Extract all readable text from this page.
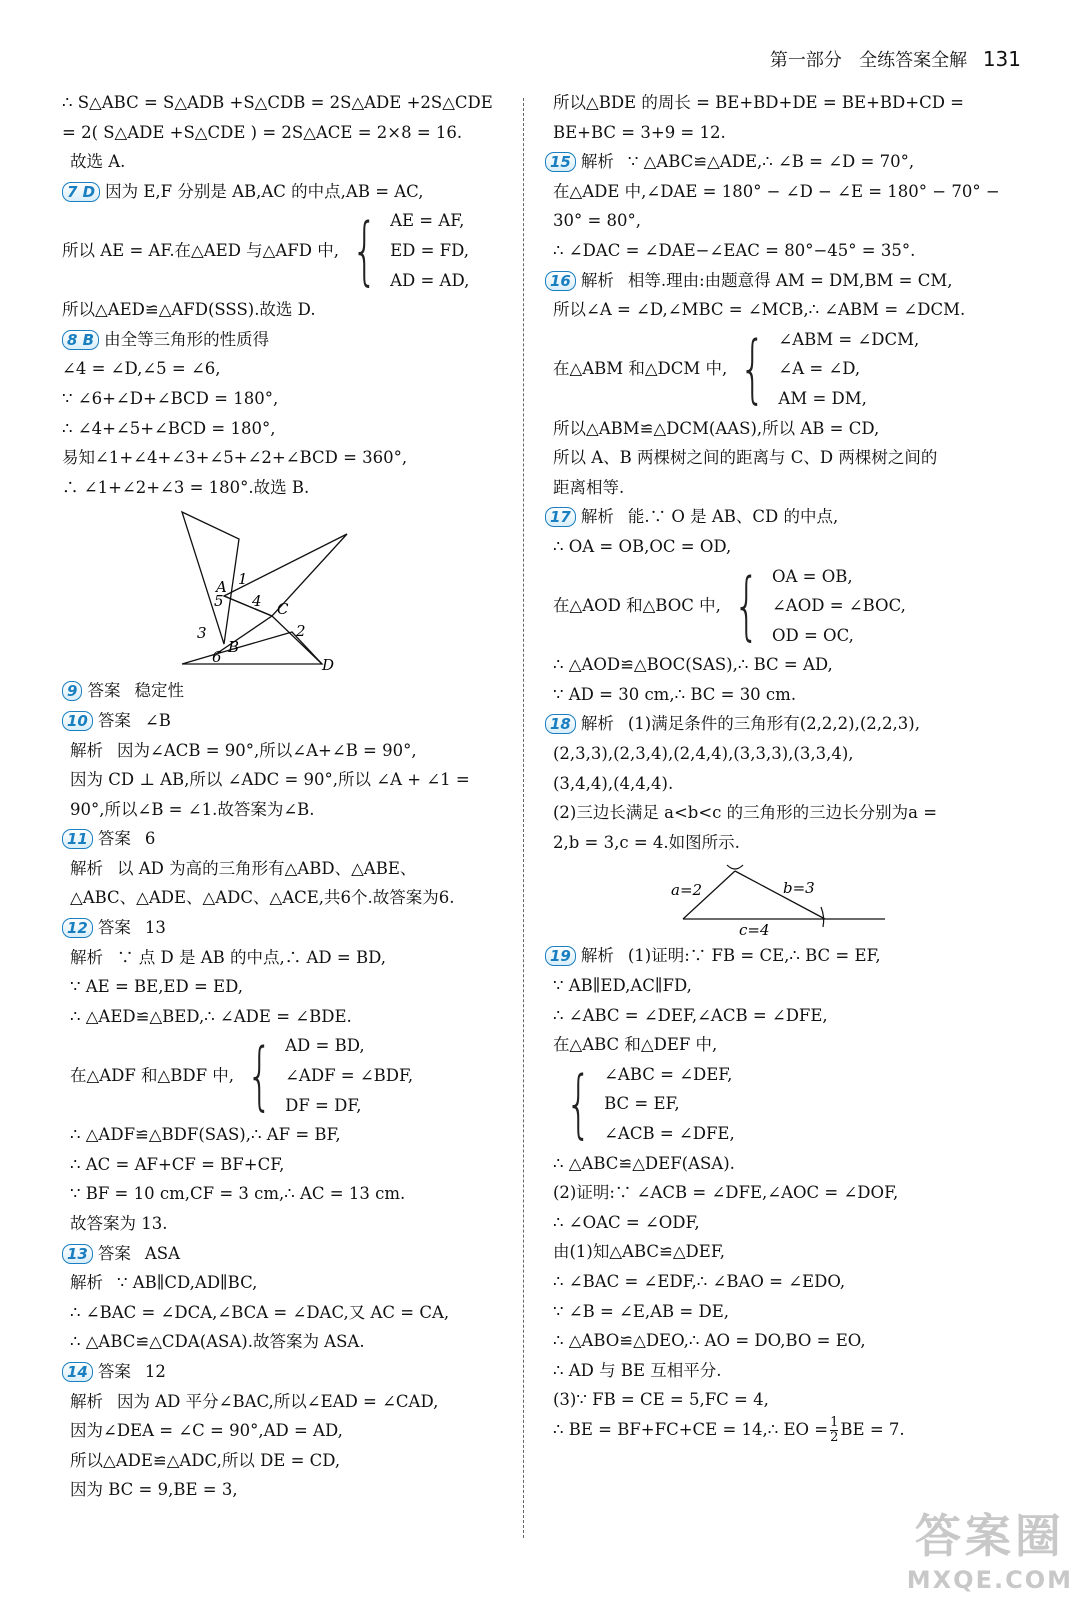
第一部分 全练答案全解 131
∴ S△ABC = S△ADB +S△CDB = 2S△ADE +2S△CDE
= 2( S△ADE +S△CDE ) = 2S△ACE = 2×8 = 16.
故选 A.
7 D 因为 E,F 分别是 AB,AC 的中点,AB = AC,
所以 AE = AF.在△AED 与△AFD 中, { AE = AF,
ED = FD,
AD = AD,
所以△AED≌△AFD(SSS).故选 D.
8 B 由全等三角形的性质得
∠4 = ∠D,∠5 = ∠6,
∵ ∠6+∠D+∠BCD = 180°,
∴ ∠4+∠5+∠BCD = 180°,
易知∠1+∠4+∠3+∠5+∠2+∠BCD = 360°,
∴ ∠1+∠2+∠3 = 180°.故选 B.
A 1
5 4 C
2
3
6
B
D
9 答案 稳定性
10 答案 ∠B
解析 因为∠ACB = 90°,所以∠A+∠B = 90°,
因为 CD ⊥ AB,所以 ∠ADC = 90°,所以 ∠A + ∠1 =
90°,所以∠B = ∠1.故答案为∠B.
11 答案 6
解析 以 AD 为高的三角形有△ABD、△ABE、
△ABC、△ADE、△ADC、△ACE,共6个.故答案为6.
12 答案 13
解析 ∵ 点 D 是 AB 的中点,∴ AD = BD,
∵ AE = BE,ED = ED,
∴ △AED≌△BED,∴ ∠ADE = ∠BDE.
在△ADF 和△BDF 中, { AD = BD,
∠ADF = ∠BDF,
DF = DF,
∴ △ADF≌△BDF(SAS),∴ AF = BF,
∴ AC = AF+CF = BF+CF,
∵ BF = 10 cm,CF = 3 cm,∴ AC = 13 cm.
故答案为 13.
13 答案 ASA
解析 ∵ AB∥CD,AD∥BC,
∴ ∠BAC = ∠DCA,∠BCA = ∠DAC,又 AC = CA,
∴ △ABC≌△CDA(ASA).故答案为 ASA.
14 答案 12
解析 因为 AD 平分∠BAC,所以∠EAD = ∠CAD,
因为∠DEA = ∠C = 90°,AD = AD,
所以△ADE≌△ADC,所以 DE = CD,
因为 BC = 9,BE = 3,
所以△BDE 的周长 = BE+BD+DE = BE+BD+CD =
BE+BC = 3+9 = 12.
15 解析 ∵ △ABC≌△ADE,∴ ∠B = ∠D = 70°,
在△ADE 中,∠DAE = 180° − ∠D − ∠E = 180° − 70° −
30° = 80°,
∴ ∠DAC = ∠DAE−∠EAC = 80°−45° = 35°.
16 解析 相等.理由:由题意得 AM = DM,BM = CM,
所以∠A = ∠D,∠MBC = ∠MCB,∴ ∠ABM = ∠DCM.
在△ABM 和△DCM 中, { ∠ABM = ∠DCM,
∠A = ∠D,
AM = DM,
所以△ABM≌△DCM(AAS),所以 AB = CD,
所以 A、B 两棵树之间的距离与 C、D 两棵树之间的
距离相等.
17 解析 能.∵ O 是 AB、CD 的中点,
∴ OA = OB,OC = OD,
在△AOD 和△BOC 中, { OA = OB,
∠AOD = ∠BOC,
OD = OC,
∴ △AOD≌△BOC(SAS),∴ BC = AD,
∵ AD = 30 cm,∴ BC = 30 cm.
18 解析 (1)满足条件的三角形有(2,2,2),(2,2,3),
(2,3,3),(2,3,4),(2,4,4),(3,3,3),(3,3,4),
(3,4,4),(4,4,4).
(2)三边长满足 a<b<c 的三角形的三边长分别为a =
2,b = 3,c = 4.如图所示.
a=2	b=3
c=4
19 解析 (1)证明:∵ FB = CE,∴ BC = EF,
∵ AB∥ED,AC∥FD,
∴ ∠ABC = ∠DEF,∠ACB = ∠DFE,
在△ABC 和△DEF 中,
{ ∠ABC = ∠DEF,
BC = EF,
∠ACB = ∠DFE,
∴ △ABC≌△DEF(ASA).
(2)证明:∵ ∠ACB = ∠DFE,∠AOC = ∠DOF,
∴ ∠OAC = ∠ODF,
由(1)知△ABC≌△DEF,
∴ ∠BAC = ∠EDF,∴ ∠BAO = ∠EDO,
∵ ∠B = ∠E,AB = DE,
∴ △ABO≌△DEO,∴ AO = DO,BO = EO,
∴ AD 与 BE 互相平分.
(3)∵ FB = CE = 5,FC = 4,
∴ BE = BF+FC+CE = 14,∴ EO = $\frac{1}{2}$ BE = 7.
答案圈
MXQE.COM
